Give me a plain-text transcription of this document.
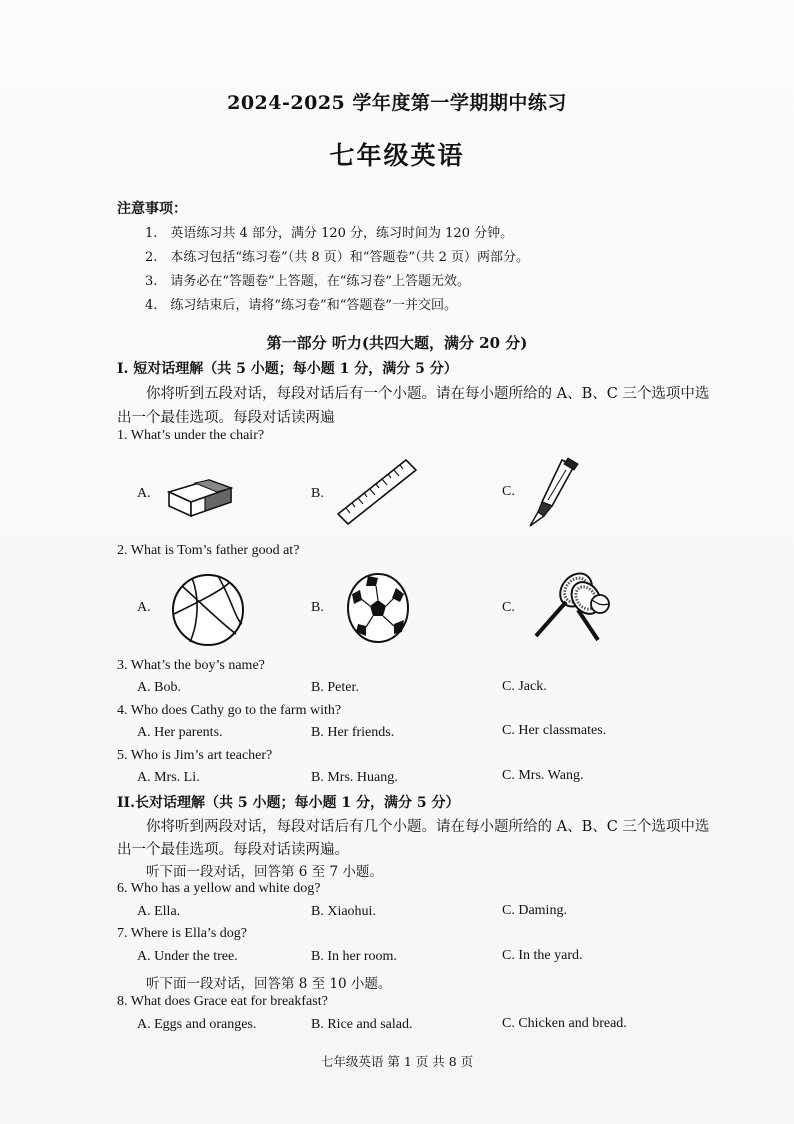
2024-2025 学年度第一学期期中练习
七年级英语
注意事项：
1.　英语练习共 4 部分，满分 120 分，练习时间为 120 分钟。
2.　本练习包括“练习卷”（共 8 页）和“答题卷”（共 2 页）两部分。
3.　请务必在“答题卷”上答题，在“练习卷”上答题无效。
4.　练习结束后，请将“练习卷”和“答题卷”一并交回。
第一部分 听力(共四大题，满分 20 分)
I. 短对话理解（共 5 小题；每小题 1 分，满分 5 分）
你将听到五段对话，每段对话后有一个小题。请在每小题所给的 A、B、C 三个选项中选
出一个最佳选项。每段对话读两遍
1. What’s under the chair?
A.	B.	C.
2. What is Tom’s father good at?
A.	B.	C.
3. What’s the boy’s name?
A. Bob.	B. Peter.	C. Jack.
4. Who does Cathy go to the farm with?
A. Her parents.	B. Her friends.	C. Her classmates.
5. Who is Jim’s art teacher?
A. Mrs. Li.	B. Mrs. Huang.	C. Mrs. Wang.
II.长对话理解（共 5 小题；每小题 1 分，满分 5 分）
你将听到两段对话，每段对话后有几个小题。请在每小题所给的 A、B、C 三个选项中选
出一个最佳选项。每段对话读两遍。
听下面一段对话，回答第 6 至 7 小题。
6. Who has a yellow and white dog?
A. Ella.	B. Xiaohui.	C. Daming.
7. Where is Ella’s dog?
A. Under the tree.	B. In her room.	C. In the yard.
听下面一段对话，回答第 8 至 10 小题。
8. What does Grace eat for breakfast?
A. Eggs and oranges.	B. Rice and salad.	C. Chicken and bread.
七年级英语 第 1 页 共 8 页
